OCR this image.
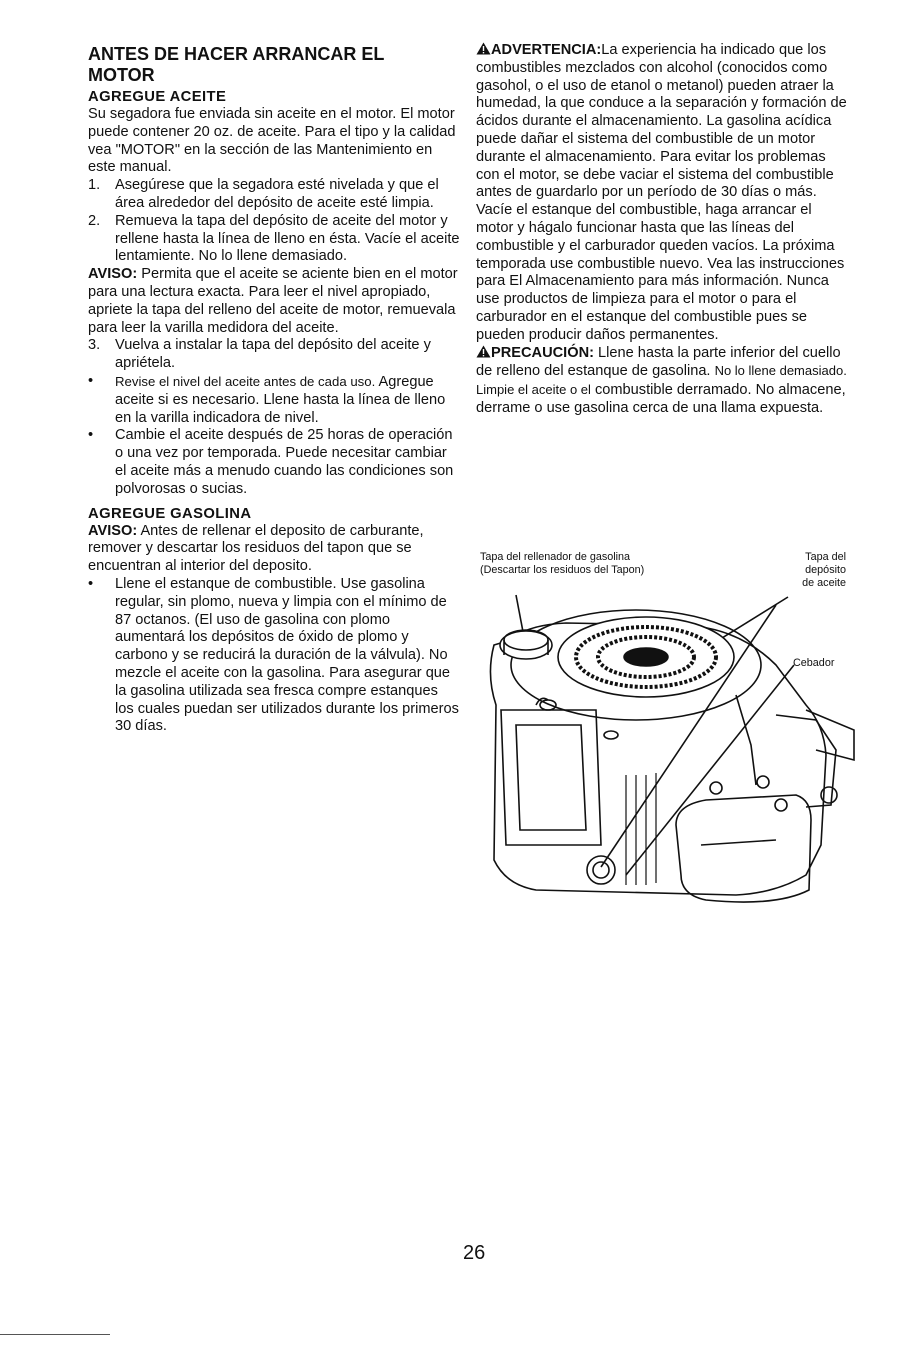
ANTES DE HACER ARRANCAR EL MOTOR
AGREGUE ACEITE

Su segadora fue enviada sin aceite en el motor. El motor puede contener 20 oz. de aceite. Para el tipo y la calidad vea "MOTOR" en la sección de las Mantenimiento en este manual.

1.	Asegúrese que la segadora esté nivelada y que el área alrededor del depósito de aceite esté limpia.
2.	Remueva la tapa del depósito de aceite del motor y rellene hasta la línea de lleno en ésta. Vacíe el aceite lentamiente. No lo llene demasiado.

AVISO: Permita que el aceite se aciente bien en el motor para una lectura exacta. Para leer el nivel apropiado, apriete la tapa del relleno del aceite de motor, remuevala para leer la varilla medidora del aceite.

3.	Vuelva a instalar la tapa del depósito del aceite y apriétela.
•	Revise el nivel del aceite antes de cada uso. Agregue aceite si es necesario. Llene hasta la línea de lleno en la varilla indicadora de nivel.
•	Cambie el aceite después de 25 horas de operación o una vez por temporada. Puede necesitar cambiar el aceite más a menudo cuando las condiciones son polvorosas o sucias.
AGREGUE GASOLINA

AVISO: Antes de rellenar el deposito de carburante, remover y descartar los residuos del tapon que se encuentran al interior del deposito.

•	Llene el estanque de combustible. Use gasolina regular, sin plomo, nueva y limpia con el mínimo de 87 octanos. (El uso de gasolina con plomo aumentará los depósitos de óxido de plomo y carbono y se reducirá la duración de la válvula). No mezcle el aceite con la gasolina. Para asegurar que la gasolina utilizada sea fresca compre estanques los cuales puedan ser utilizados durante los primeros 30 días.

ADVERTENCIA:La experiencia ha indicado que los combustibles mezclados con alcohol (conocidos como gasohol, o el uso de etanol o metanol) pueden atraer la humedad, la que conduce a la separación y formación de ácidos durante el almacenamiento. La gasolina acídica puede dañar el sistema del combustible de un motor durante el almacenamiento. Para evitar los problemas con el motor, se debe vaciar el sistema del combustible antes de guardarlo por un período de 30 días o más. Vacíe el estanque del combustible, haga arrancar el motor y hágalo funcionar hasta que las líneas del combustible y el carburador queden vacíos. La próxima temporada use combustible nuevo. Vea las instrucciones para El Almacenamiento para más información. Nunca use productos de limpieza para el motor o para el carburador en el estanque del combustible pues se pueden producir daños permanentes.

PRECAUCIÓN: Llene hasta la parte inferior del cuello de relleno del estanque de gasolina. No lo llene demasiado. Limpie el aceite o el combustible derramado. No almacene, derrame o use gasolina cerca de una llama expuesta.

Tapa del rellenador de gasolina
(Descartar los residuos del Tapon)
Tapa del
depósito
de aceite
Cebador
26
